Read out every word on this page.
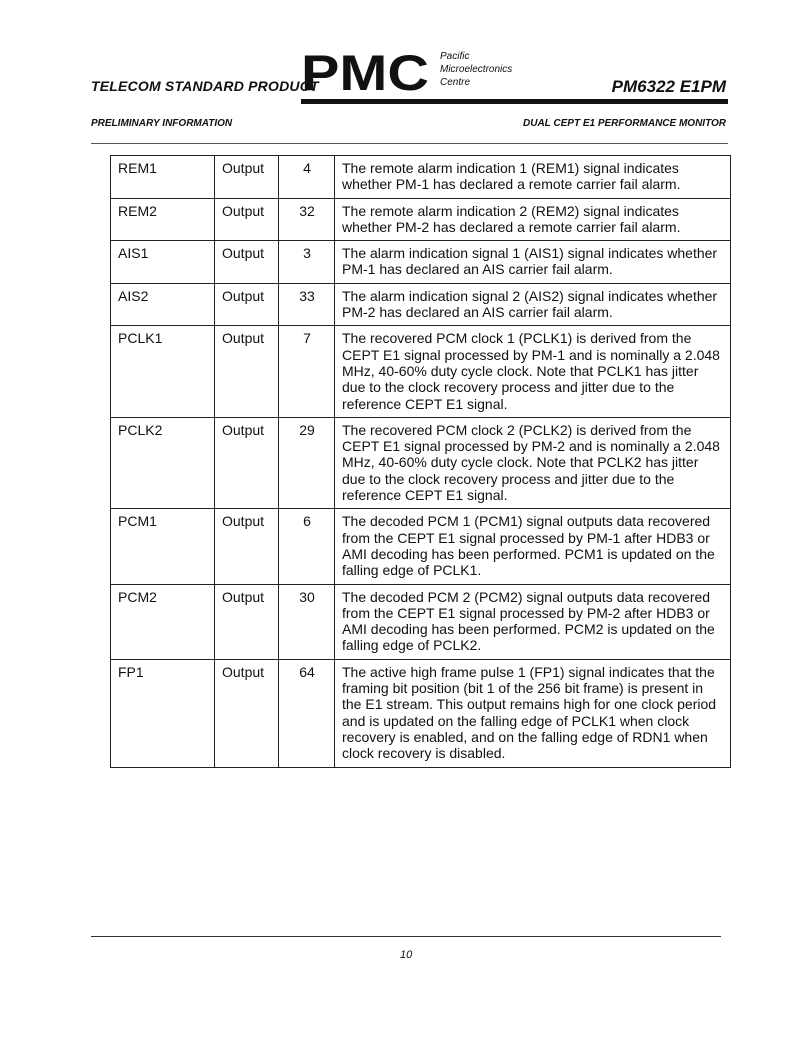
TELECOM STANDARD PRODUCT
PMC Pacific
Microelectronics
Centre	PM6322 E1PM
PRELIMINARY INFORMATION	DUAL CEPT E1 PERFORMANCE MONITOR
REM1	Output	4	The remote alarm indication 1 (REM1) signal indicates whether PM-1 has declared a remote carrier fail alarm.
REM2	Output	32	The remote alarm indication 2 (REM2) signal indicates whether PM-2 has declared a remote carrier fail alarm.
AIS1	Output	3	The alarm indication signal 1 (AIS1) signal indicates whether PM-1 has declared an AIS carrier fail alarm.
AIS2	Output	33	The alarm indication signal 2 (AIS2) signal indicates whether PM-2 has declared an AIS carrier fail alarm.
PCLK1	Output	7	The recovered PCM clock 1 (PCLK1) is derived from the CEPT E1 signal processed by PM-1 and is nominally a 2.048 MHz, 40-60% duty cycle clock. Note that PCLK1 has jitter due to the clock recovery process and jitter due to the reference CEPT E1 signal.
PCLK2	Output	29	The recovered PCM clock 2 (PCLK2) is derived from the CEPT E1 signal processed by PM-2 and is nominally a 2.048 MHz, 40-60% duty cycle clock. Note that PCLK2 has jitter due to the clock recovery process and jitter due to the reference CEPT E1 signal.
PCM1	Output	6	The decoded PCM 1 (PCM1) signal outputs data recovered from the CEPT E1 signal processed by PM-1 after HDB3 or AMI decoding has been performed. PCM1 is updated on the falling edge of PCLK1.
PCM2	Output	30	The decoded PCM 2 (PCM2) signal outputs data recovered from the CEPT E1 signal processed by PM-2 after HDB3 or AMI decoding has been performed. PCM2 is updated on the falling edge of PCLK2.
FP1	Output	64	The active high frame pulse 1 (FP1) signal indicates that the framing bit position (bit 1 of the 256 bit frame) is present in the E1 stream. This output remains high for one clock period and is updated on the falling edge of PCLK1 when clock recovery is enabled, and on the falling edge of RDN1 when clock recovery is disabled.
10
